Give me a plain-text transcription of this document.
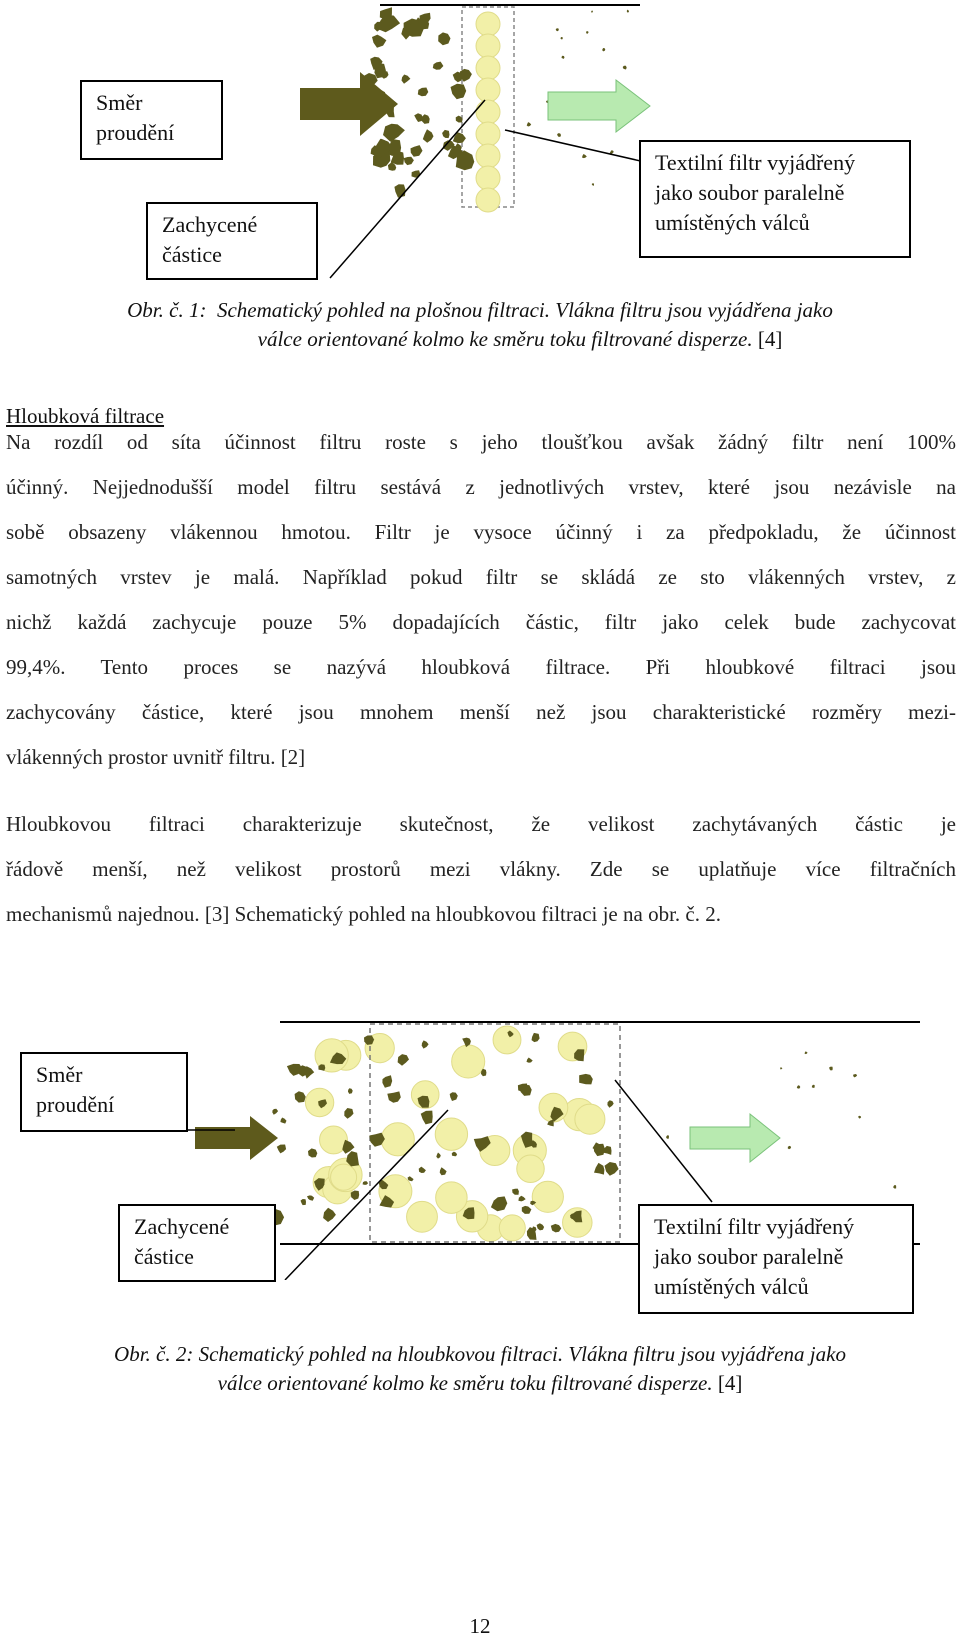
Směr
proudění
Zachycené
částice
Textilní filtr vyjádřený
jako soubor paralelně
umístěných válců
Obr. č. 1: Schematický pohled na plošnou filtraci. Vlákna filtru jsou vyjádřena jako
válce orientované kolmo ke směru toku filtrované disperze. [4]
Hloubková filtrace
Na rozdíl od síta účinnost filtru roste s jeho tloušťkou avšak žádný filtr není 100%
účinný. Nejjednodušší model filtru sestává z jednotlivých vrstev, které jsou nezávisle na
sobě obsazeny vlákennou hmotou. Filtr je vysoce účinný i za předpokladu, že účinnost
samotných vrstev je malá. Například pokud filtr se skládá ze sto vlákenných vrstev, z
nichž každá zachycuje pouze 5% dopadajících částic, filtr jako celek bude zachycovat
99,4%. Tento proces se nazývá hloubková filtrace. Při hloubkové filtraci jsou
zachycovány částice, které jsou mnohem menší než jsou charakteristické rozměry mezi-
vlákenných prostor uvnitř filtru. [2]
Hloubkovou filtraci charakterizuje skutečnost, že velikost zachytávaných částic je
řádově menší, než velikost prostorů mezi vlákny. Zde se uplatňuje více filtračních
mechanismů najednou. [3] Schematický pohled na hloubkovou filtraci je na obr. č. 2.
Směr
proudění
Zachycené
částice
Textilní filtr vyjádřený
jako soubor paralelně
umístěných válců
Obr. č. 2: Schematický pohled na hloubkovou filtraci. Vlákna filtru jsou vyjádřena jako
válce orientované kolmo ke směru toku filtrované disperze. [4]
12
